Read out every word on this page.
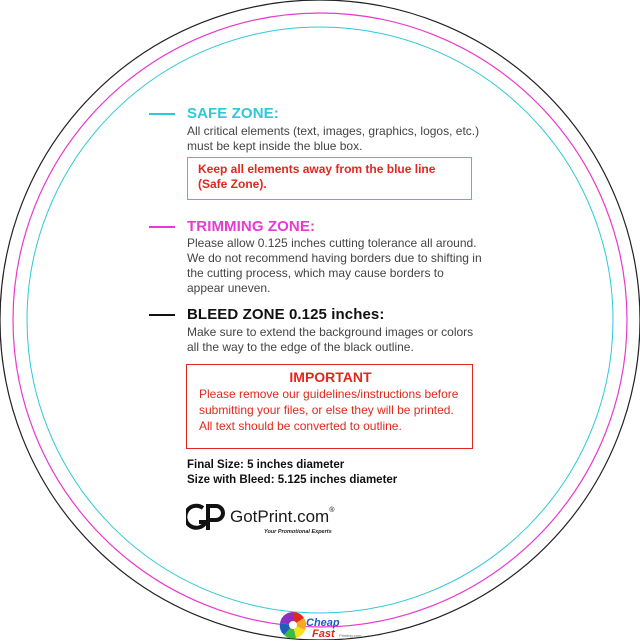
SAFE ZONE:
All critical elements (text, images, graphics, logos, etc.)
must be kept inside the blue box.
Keep all elements away from the blue line
(Safe Zone).
TRIMMING ZONE:
Please allow 0.125 inches cutting tolerance all around.
We do not recommend having borders due to shifting in
the cutting process, which may cause borders to
appear uneven.
BLEED ZONE 0.125 inches:
Make sure to extend the background images or colors
all the way to the edge of the black outline.
IMPORTANT
Please remove our guidelines/instructions before
submitting your files, or else they will be printed.
All text should be converted to outline.
Final Size: 5 inches diameter
Size with Bleed: 5.125 inches diameter
GotPrint.com®
Your Promotional Experts
Cheap
Fast Printing.com
